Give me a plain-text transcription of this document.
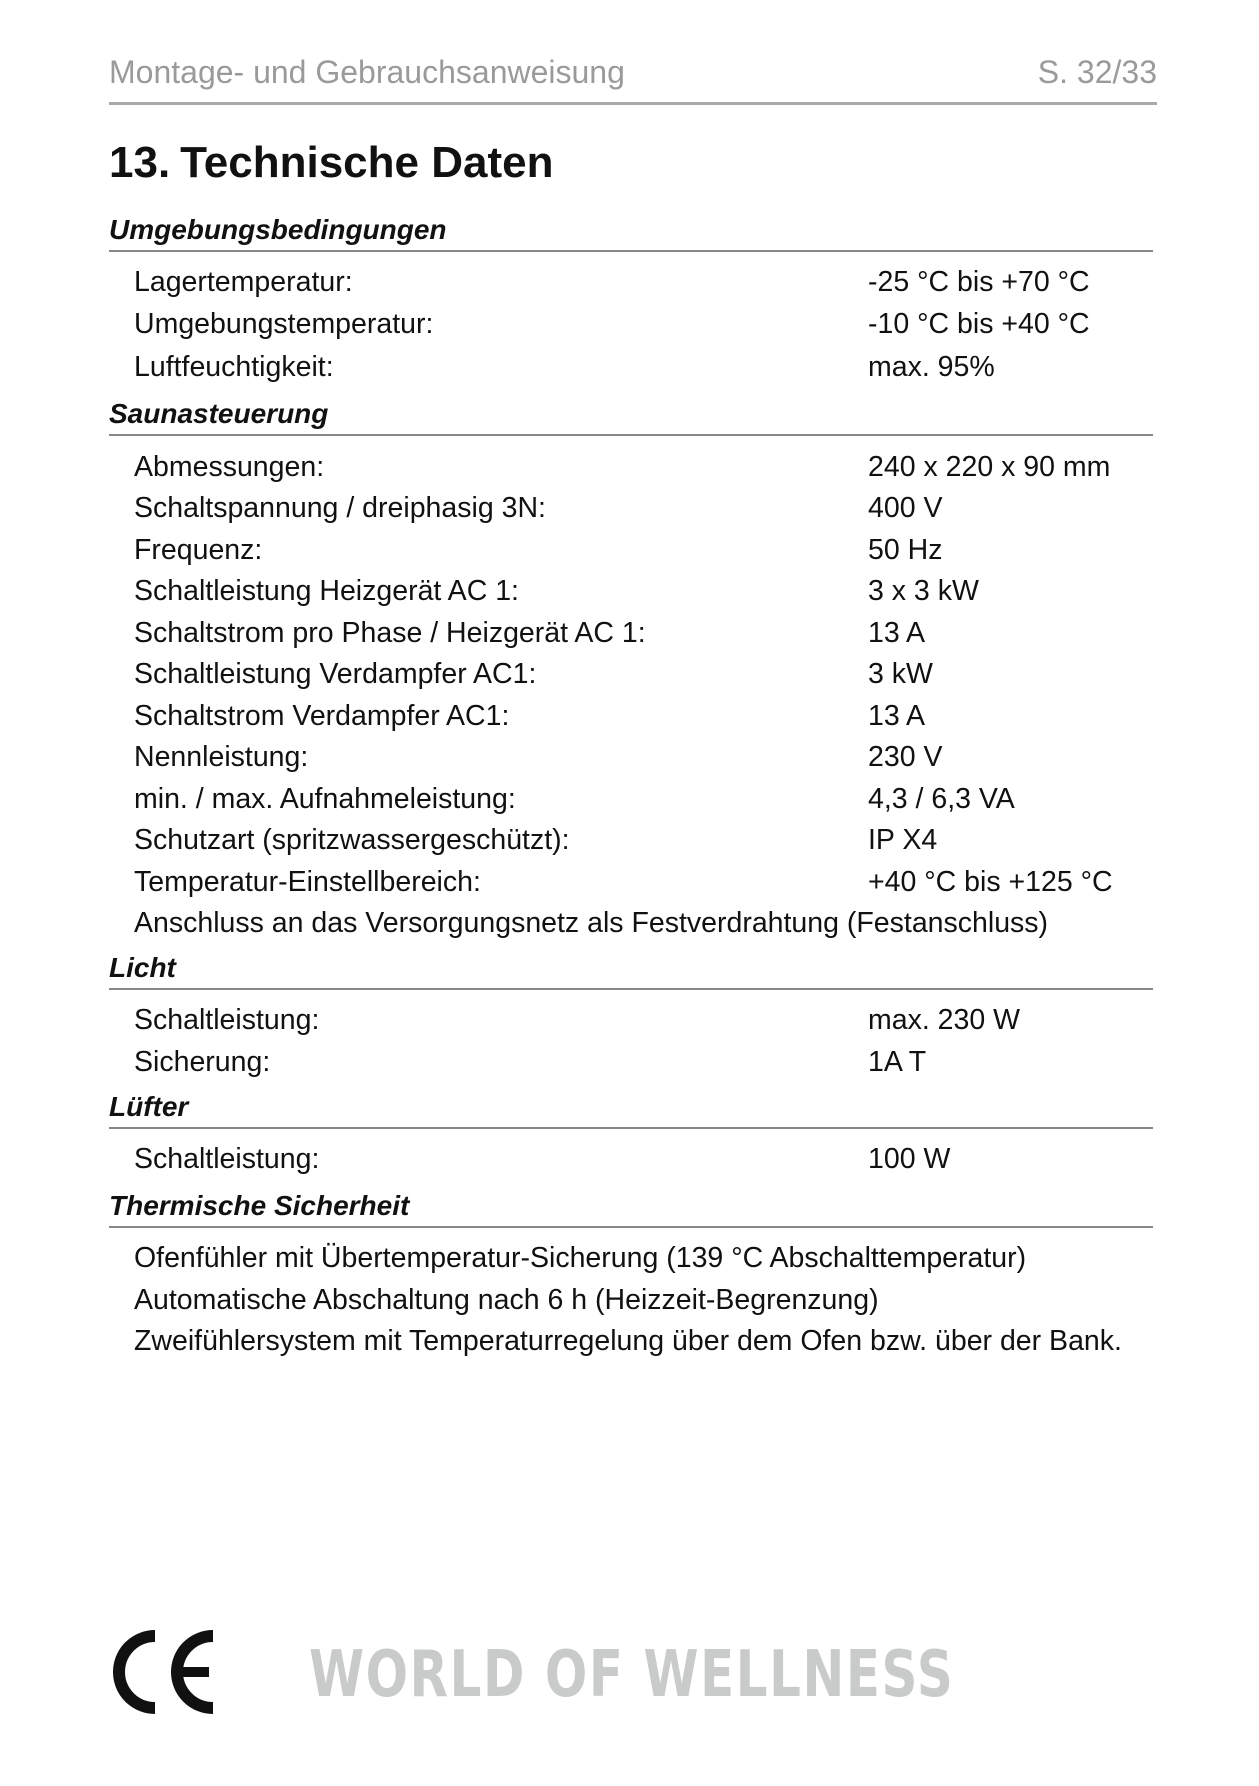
Montage- und Gebrauchsanweisung	S. 32/33
13. Technische Daten
Umgebungsbedingungen
Lagertemperatur:	-25 °C bis +70 °C
Umgebungstemperatur:	-10 °C bis +40 °C
Luftfeuchtigkeit:	max. 95%
Saunasteuerung
Abmessungen:	240 x 220 x 90 mm
Schaltspannung / dreiphasig 3N:	400 V
Frequenz:	50 Hz
Schaltleistung Heizgerät AC 1:	3 x 3 kW
Schaltstrom pro Phase / Heizgerät AC 1:	13 A
Schaltleistung Verdampfer AC1:	3 kW
Schaltstrom Verdampfer AC1:	13 A
Nennleistung:	230 V
min. / max. Aufnahmeleistung:	4,3 / 6,3 VA
Schutzart (spritzwassergeschützt):	IP X4
Temperatur-Einstellbereich:	+40 °C bis +125 °C
Anschluss an das Versorgungsnetz als Festverdrahtung (Festanschluss)
Licht
Schaltleistung:	max. 230 W
Sicherung:	1A T
Lüfter
Schaltleistung:	100 W
Thermische Sicherheit
Ofenfühler mit Übertemperatur-Sicherung (139 °C Abschalttemperatur)
Automatische Abschaltung nach 6 h (Heizzeit-Begrenzung)
Zweifühlersystem mit Temperaturregelung über dem Ofen bzw. über der Bank.
WORLD OF WELLNESS
